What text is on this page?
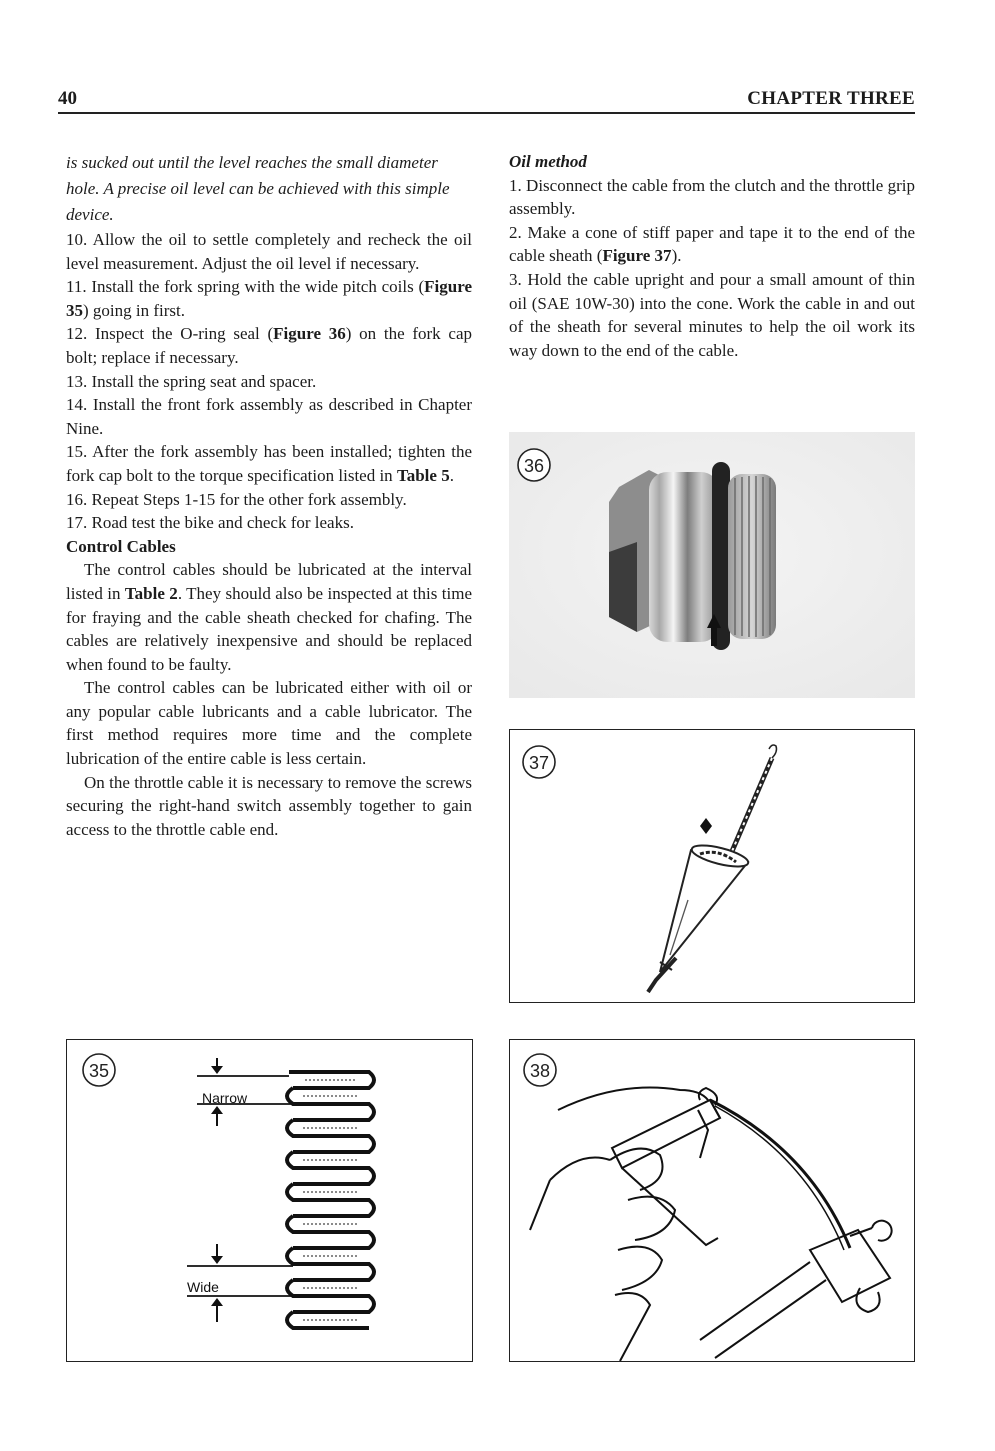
40	CHAPTER THREE

is sucked out until the level reaches the small diameter hole. A precise oil level can be achieved with this simple device.

10. Allow the oil to settle completely and recheck the oil level measurement. Adjust the oil level if necessary.

11. Install the fork spring with the wide pitch coils (Figure 35) going in first.

12. Inspect the O-ring seal (Figure 36) on the fork cap bolt; replace if necessary.

13. Install the spring seat and spacer.

14. Install the front fork assembly as described in Chapter Nine.

15. After the fork assembly has been installed; tighten the fork cap bolt to the torque specification listed in Table 5.

16. Repeat Steps 1-15 for the other fork assembly.

17. Road test the bike and check for leaks.

Control Cables

The control cables should be lubricated at the interval listed in Table 2. They should also be inspected at this time for fraying and the cable sheath checked for chafing. The cables are relatively inexpensive and should be replaced when found to be faulty.

The control cables can be lubricated either with oil or any popular cable lubricants and a cable lubricator. The first method requires more time and the complete lubrication of the entire cable is less certain.

On the throttle cable it is necessary to remove the screws securing the right-hand switch assembly together to gain access to the throttle cable end.

Oil method

1. Disconnect the cable from the clutch and the throttle grip assembly.

2. Make a cone of stiff paper and tape it to the end of the cable sheath (Figure 37).

3. Hold the cable upright and pour a small amount of thin oil (SAE 10W-30) into the cone. Work the cable in and out of the sheath for several minutes to help the oil work its way down to the end of the cable.

36
37
35
Narrow
Wide
38
